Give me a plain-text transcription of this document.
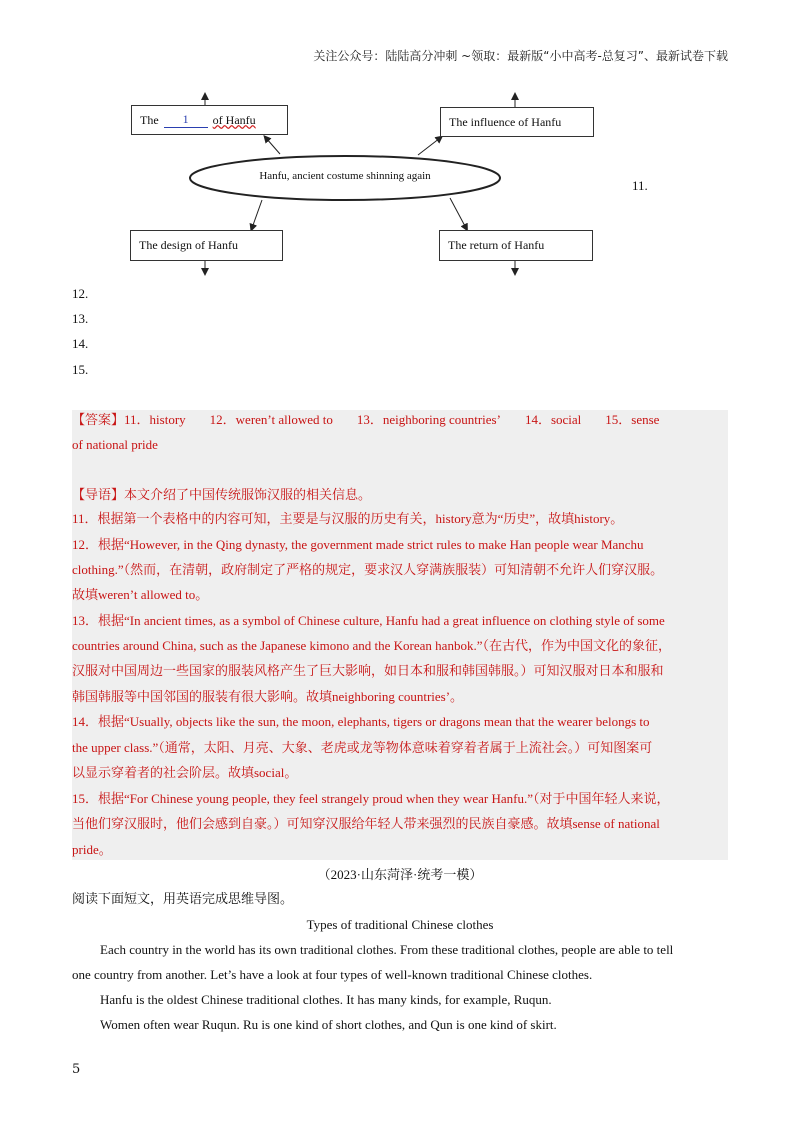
关注公众号：陆陆高分冲刺 ~领取：最新版“小中高考-总复习”、最新试卷下载
The	1	of Hanfu	The influence of Hanfu
The design of Hanfu	The return of Hanfu
Hanfu, ancient costume shinning again
11.
12.
13.
14.
15.
【答案】11．history 12．weren’t allowed to 13．neighboring countries’ 14．social 15．sense
of national pride
【导语】本文介绍了中国传统服饰汉服的相关信息。
11．根据第一个表格中的内容可知，主要是与汉服的历史有关，history意为“历史”，故填history。
12．根据“However, in the Qing dynasty, the government made strict rules to make Han people wear Manchu
clothing.”（然而，在清朝，政府制定了严格的规定，要求汉人穿满族服装）可知清朝不允许人们穿汉服。
故填weren’t allowed to。
13．根据“In ancient times, as a symbol of Chinese culture, Hanfu had a great influence on clothing style of some
countries around China, such as the Japanese kimono and the Korean hanbok.”（在古代，作为中国文化的象征，
汉服对中国周边一些国家的服装风格产生了巨大影响，如日本和服和韩国韩服。）可知汉服对日本和服和
韩国韩服等中国邻国的服装有很大影响。故填neighboring countries’。
14．根据“Usually, objects like the sun, the moon, elephants, tigers or dragons mean that the wearer belongs to
the upper class.”（通常，太阳、月亮、大象、老虎或龙等物体意味着穿着者属于上流社会。）可知图案可
以显示穿着者的社会阶层。故填social。
15．根据“For Chinese young people, they feel strangely proud when they wear Hanfu.”（对于中国年轻人来说，
当他们穿汉服时，他们会感到自豪。）可知穿汉服给年轻人带来强烈的民族自豪感。故填sense of national
pride。
（2023·山东菏泽·统考一模）
阅读下面短文，用英语完成思维导图。
Types of traditional Chinese clothes
Each country in the world has its own traditional clothes. From these traditional clothes, people are able to tell
one country from another. Let’s have a look at four types of well-known traditional Chinese clothes.
Hanfu is the oldest Chinese traditional clothes. It has many kinds, for example, Ruqun.
Women often wear Ruqun. Ru is one kind of short clothes, and Qun is one kind of skirt.
5
